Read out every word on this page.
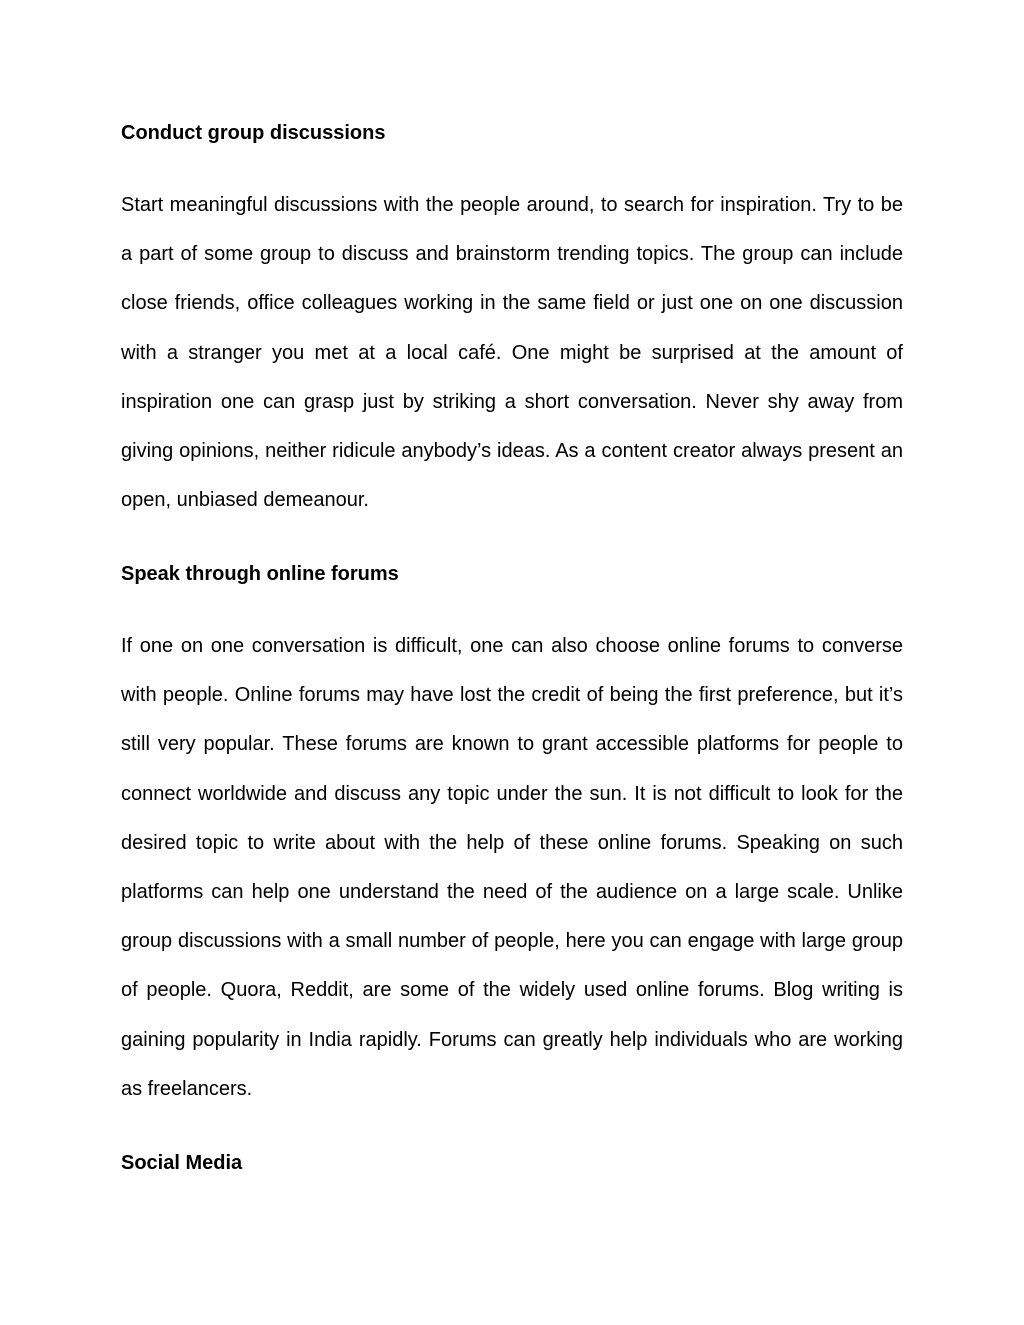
Conduct group discussions

Start meaningful discussions with the people around, to search for inspiration. Try to be a part of some group to discuss and brainstorm trending topics. The group can include close friends, office colleagues working in the same field or just one on one discussion with a stranger you met at a local café. One might be surprised at the amount of inspiration one can grasp just by striking a short conversation. Never shy away from giving opinions, neither ridicule anybody’s ideas. As a content creator always present an open, unbiased demeanour.

Speak through online forums

If one on one conversation is difficult, one can also choose online forums to converse with people. Online forums may have lost the credit of being the first preference, but it’s still very popular. These forums are known to grant accessible platforms for people to connect worldwide and discuss any topic under the sun. It is not difficult to look for the desired topic to write about with the help of these online forums. Speaking on such platforms can help one understand the need of the audience on a large scale. Unlike group discussions with a small number of people, here you can engage with large group of people. Quora, Reddit, are some of the widely used online forums. Blog writing is gaining popularity in India rapidly. Forums can greatly help individuals who are working as freelancers.

Social Media
